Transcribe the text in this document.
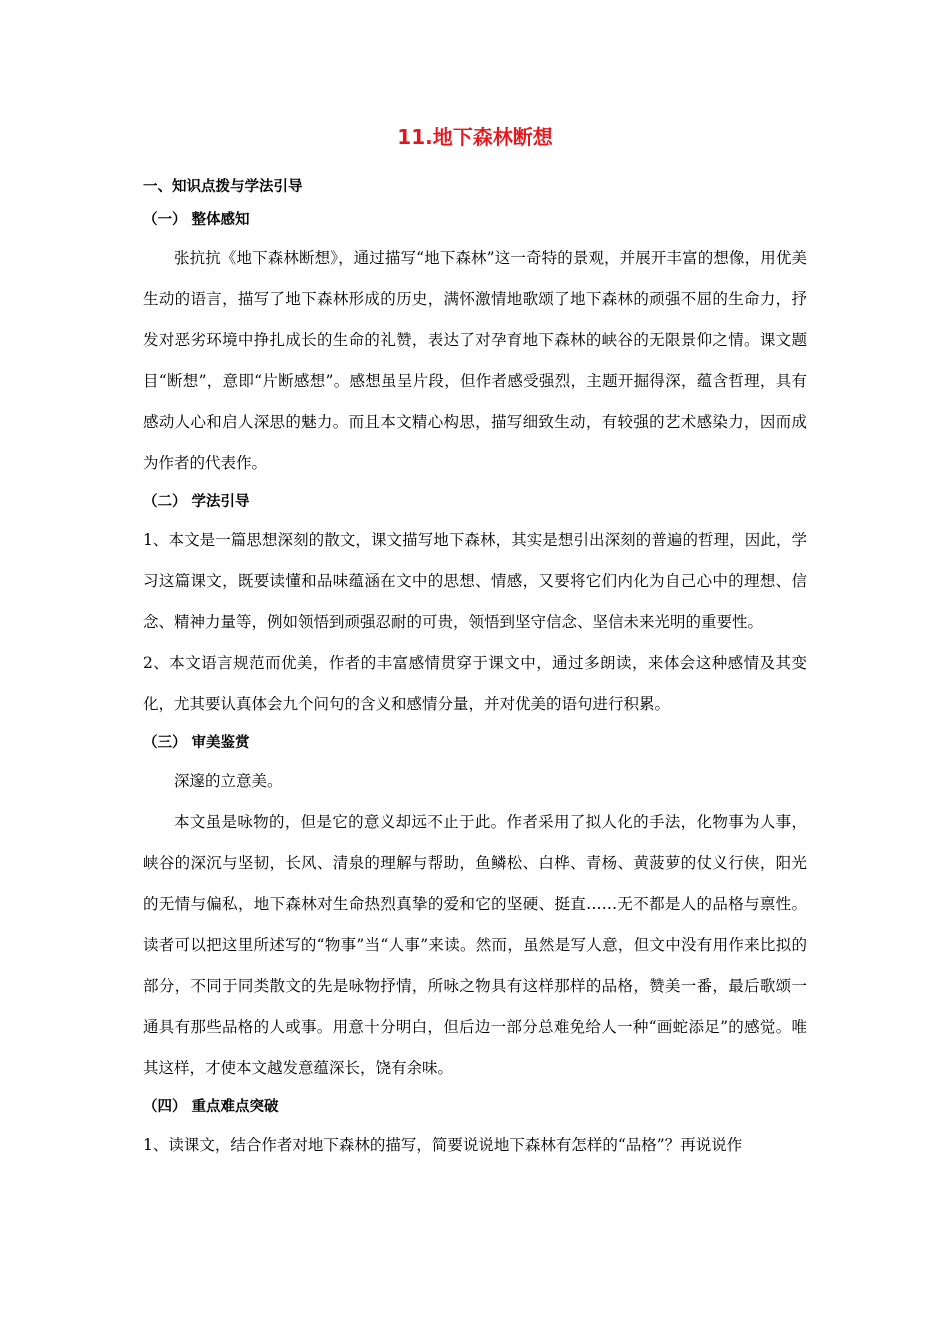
11.地下森林断想
一、知识点拨与学法引导
（一） 整体感知

张抗抗《地下森林断想》，通过描写“地下森林”这一奇特的景观，并展开丰富的想像，用优美生动的语言，描写了地下森林形成的历史，满怀激情地歌颂了地下森林的顽强不屈的生命力，抒发对恶劣环境中挣扎成长的生命的礼赞，表达了对孕育地下森林的峡谷的无限景仰之情。课文题目“断想”，意即“片断感想”。感想虽呈片段，但作者感受强烈，主题开掘得深，蕴含哲理，具有感动人心和启人深思的魅力。而且本文精心构思，描写细致生动，有较强的艺术感染力，因而成为作者的代表作。

（二） 学法引导

1、本文是一篇思想深刻的散文，课文描写地下森林，其实是想引出深刻的普遍的哲理，因此，学习这篇课文，既要读懂和品味蕴涵在文中的思想、情感，又要将它们内化为自己心中的理想、信念、精神力量等，例如领悟到顽强忍耐的可贵，领悟到坚守信念、坚信未来光明的重要性。

2、本文语言规范而优美，作者的丰富感情贯穿于课文中，通过多朗读，来体会这种感情及其变化，尤其要认真体会九个问句的含义和感情分量，并对优美的语句进行积累。

（三） 审美鉴赏

深邃的立意美。

本文虽是咏物的，但是它的意义却远不止于此。作者采用了拟人化的手法，化物事为人事，峡谷的深沉与坚韧，长风、清泉的理解与帮助，鱼鳞松、白桦、青杨、黄菠萝的仗义行侠，阳光的无情与偏私，地下森林对生命热烈真挚的爱和它的坚硬、挺直……无不都是人的品格与禀性。读者可以把这里所述写的“物事”当“人事”来读。然而，虽然是写人意，但文中没有用作来比拟的部分，不同于同类散文的先是咏物抒情，所咏之物具有这样那样的品格，赞美一番，最后歌颂一通具有那些品格的人或事。用意十分明白，但后边一部分总难免给人一种“画蛇添足”的感觉。唯其这样，才使本文越发意蕴深长，饶有余味。

（四） 重点难点突破

1、读课文，结合作者对地下森林的描写，简要说说地下森林有怎样的“品格”？再说说作
